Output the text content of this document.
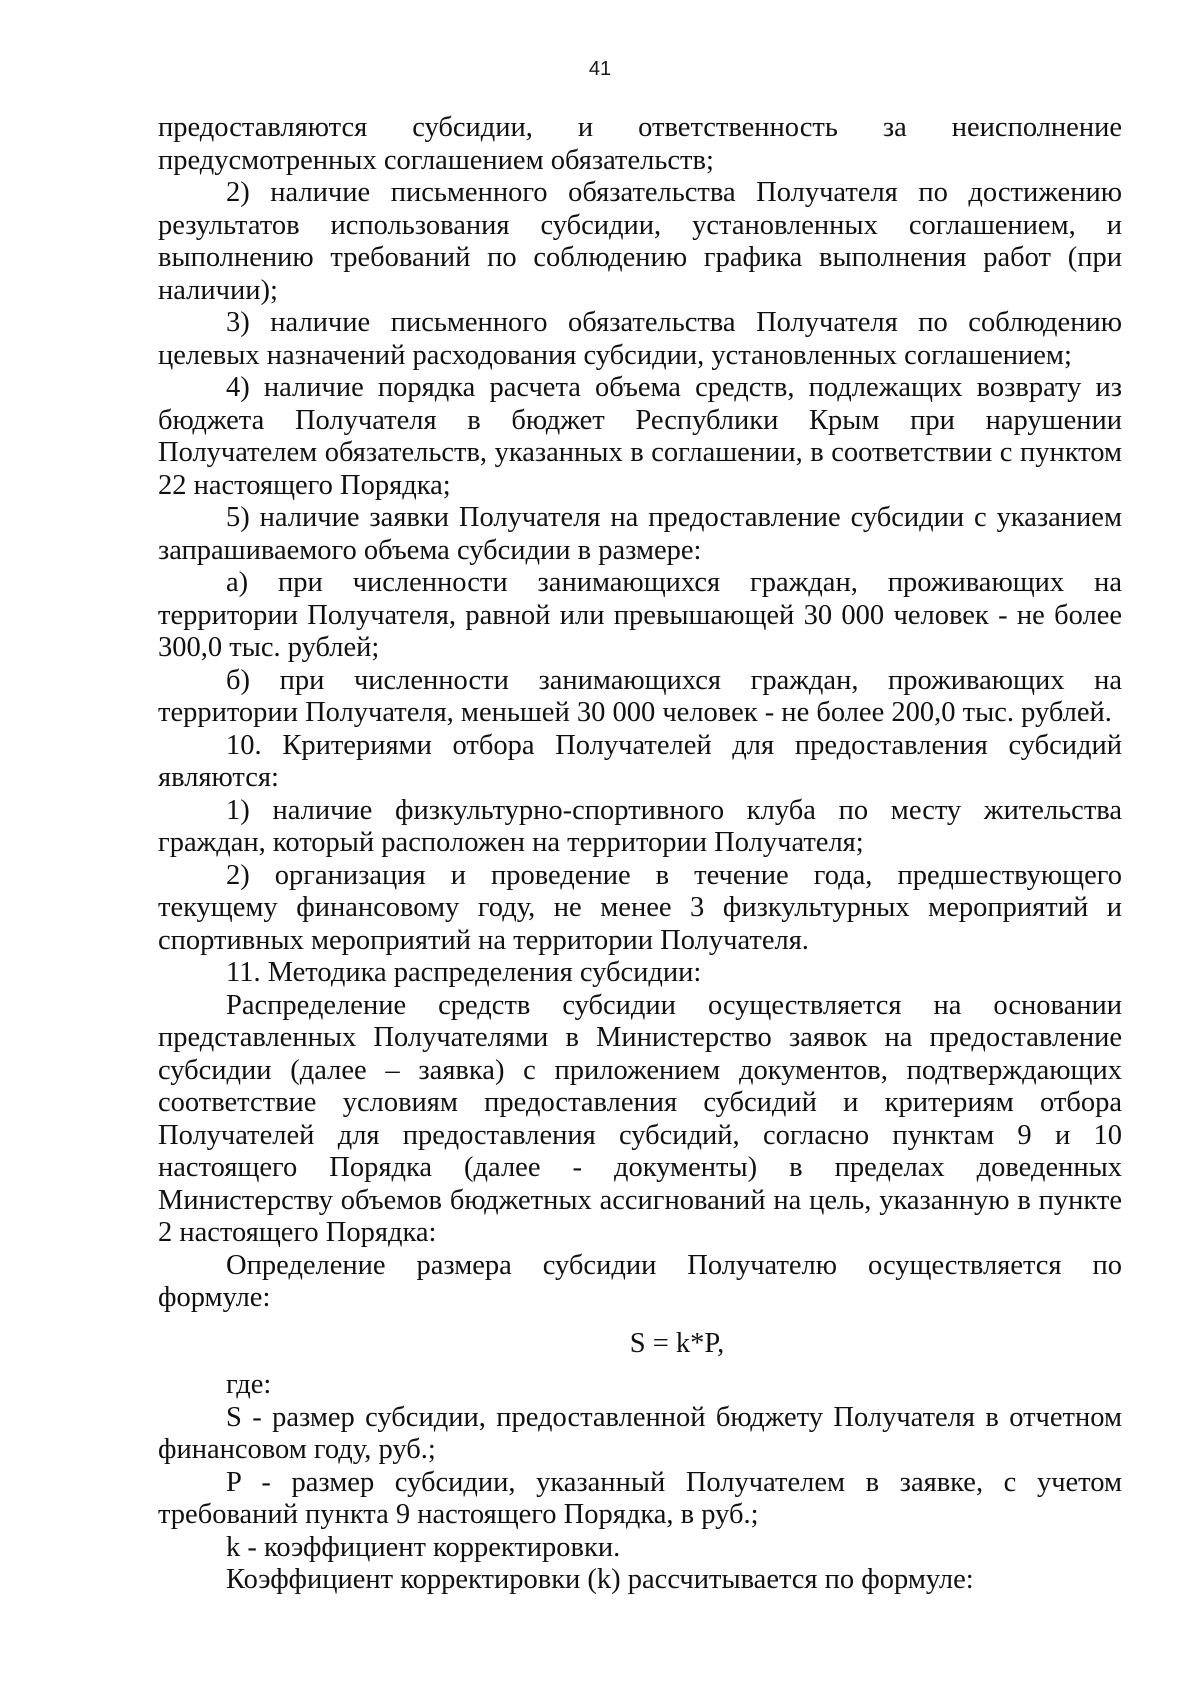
41

предоставляются субсидии, и ответственность за неисполнение предусмотренных соглашением обязательств;

2) наличие письменного обязательства Получателя по достижению результатов использования субсидии, установленных соглашением, и выполнению требований по соблюдению графика выполнения работ (при наличии);

3) наличие письменного обязательства Получателя по соблюдению целевых назначений расходования субсидии, установленных соглашением;

4) наличие порядка расчета объема средств, подлежащих возврату из бюджета Получателя в бюджет Республики Крым при нарушении Получателем обязательств, указанных в соглашении, в соответствии с пунктом 22 настоящего Порядка;

5) наличие заявки Получателя на предоставление субсидии с указанием запрашиваемого объема субсидии в размере:

а) при численности занимающихся граждан, проживающих на территории Получателя, равной или превышающей 30 000 человек - не более 300,0 тыс. рублей;

б) при численности занимающихся граждан, проживающих на территории Получателя, меньшей 30 000 человек - не более 200,0 тыс. рублей.

10. Критериями отбора Получателей для предоставления субсидий являются:

1) наличие физкультурно-спортивного клуба по месту жительства граждан, который расположен на территории Получателя;

2) организация и проведение в течение года, предшествующего текущему финансовому году, не менее 3 физкультурных мероприятий и спортивных мероприятий на территории Получателя.

11. Методика распределения субсидии:

Распределение средств субсидии осуществляется на основании представленных Получателями в Министерство заявок на предоставление субсидии (далее – заявка) с приложением документов, подтверждающих соответствие условиям предоставления субсидий и критериям отбора Получателей для предоставления субсидий, согласно пунктам 9 и 10 настоящего Порядка (далее - документы) в пределах доведенных Министерству объемов бюджетных ассигнований на цель, указанную в пункте 2 настоящего Порядка:

Определение размера субсидии Получателю осуществляется по формуле:

S = k*P,

где:

S - размер субсидии, предоставленной бюджету Получателя в отчетном финансовом году, руб.;

P - размер субсидии, указанный Получателем в заявке, с учетом требований пункта 9 настоящего Порядка, в руб.;

k - коэффициент корректировки.

Коэффициент корректировки (k) рассчитывается по формуле:
